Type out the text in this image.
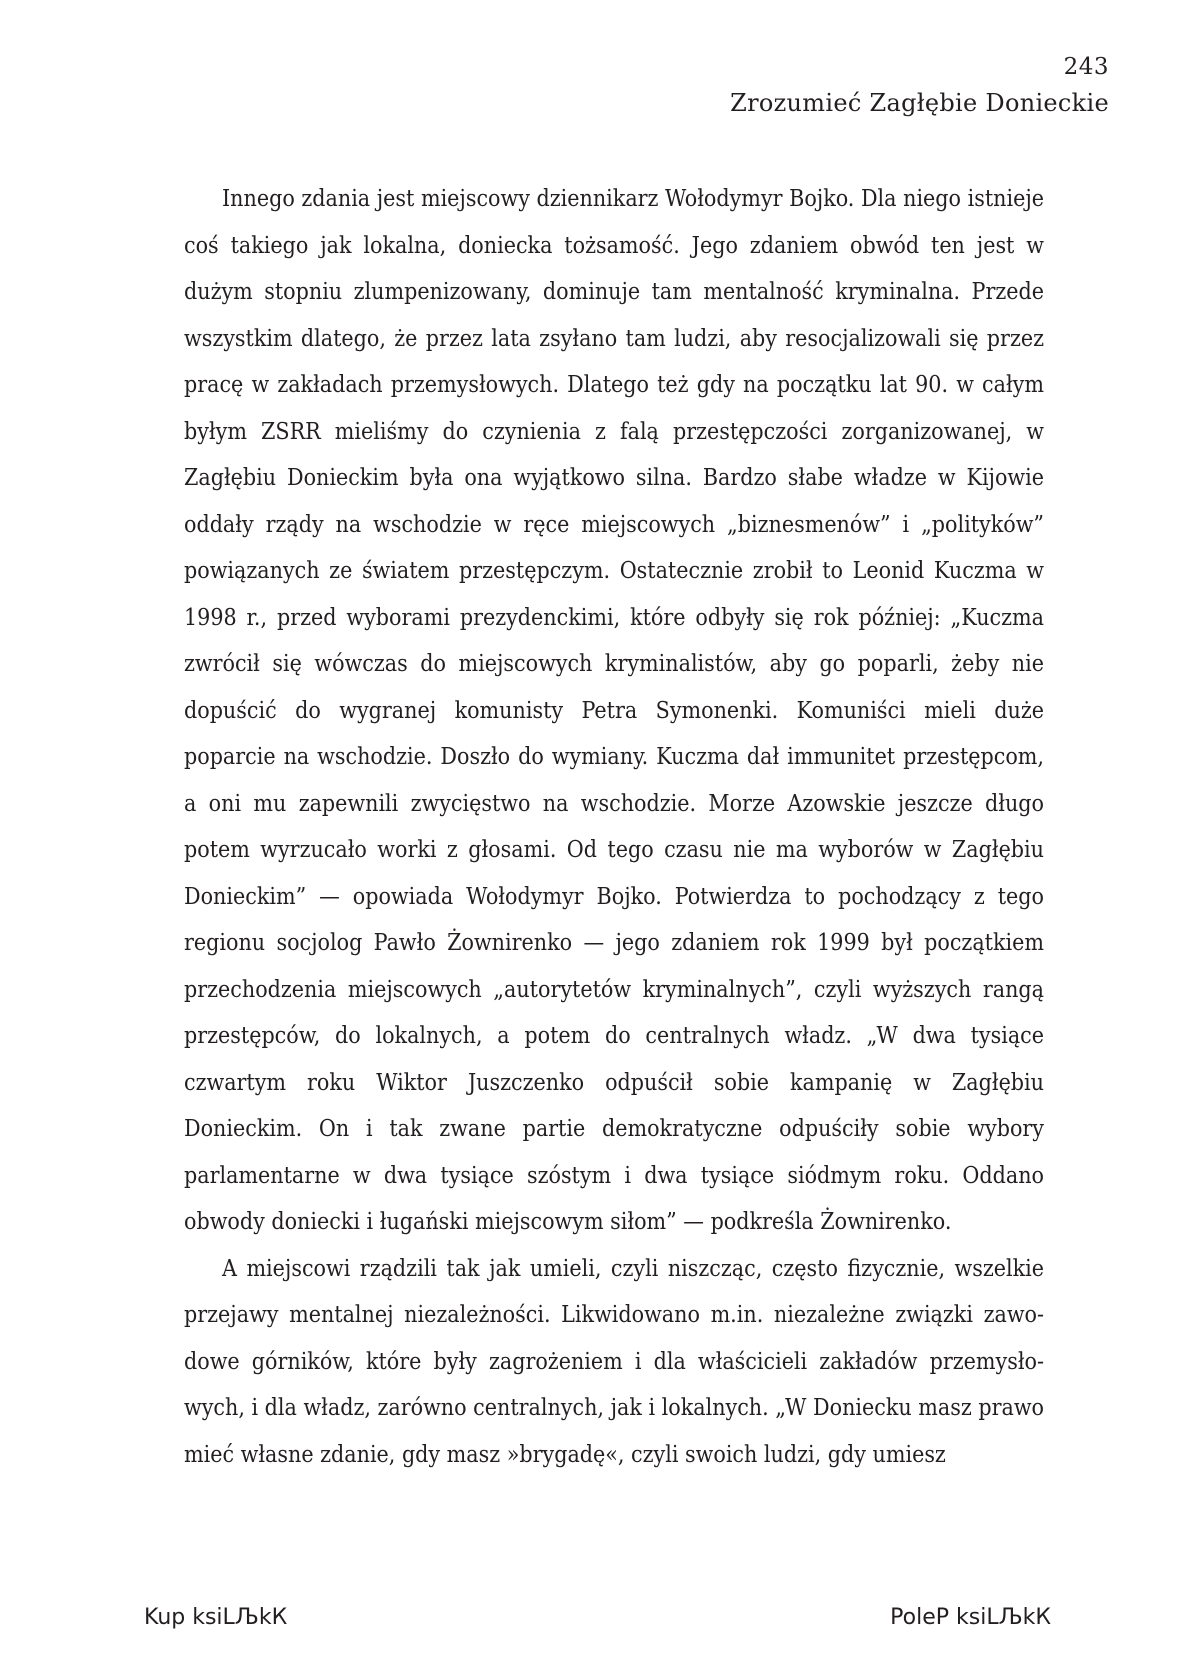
243
Zrozumieć Zagłębie Donieckie

Innego zdania jest miejscowy dziennikarz Wołodymyr Bojko. Dla niego istnieje coś takiego jak lokalna, doniecka tożsamość. Jego zdaniem obwód ten jest w dużym stopniu zlumpenizowany, dominuje tam mentalność kryminalna. Przede wszystkim dlatego, że przez lata zsyłano tam ludzi, aby resocjalizowali się przez pracę w zakładach przemysłowych. Dlatego też gdy na początku lat 90. w całym byłym ZSRR mieliśmy do czynienia z falą przestępczości zorganizowanej, w Zagłębiu Donieckim była ona wyjątkowo silna. Bardzo słabe władze w Kijowie oddały rządy na wschodzie w ręce miejscowych „biznesmenów” i „polityków” powiązanych ze światem przestępczym. Ostatecznie zrobił to Leonid Kuczma w 1998 r., przed wyborami prezydenckimi, które odbyły się rok później: „Kuczma zwrócił się wówczas do miejscowych kryminalistów, aby go poparli, żeby nie dopuścić do wygranej komunisty Petra Symonenki. Komuniści mieli duże poparcie na wschodzie. Doszło do wymiany. Kuczma dał immunitet przestępcom, a oni mu zapewnili zwycięstwo na wschodzie. Morze Azowskie jeszcze długo potem wyrzucało worki z głosami. Od tego czasu nie ma wyborów w Zagłębiu Donieckim” — opowiada Wołodymyr Bojko. Potwierdza to pochodzący z tego regionu socjolog Pawło Żownirenko — jego zdaniem rok 1999 był początkiem przechodzenia miejscowych „autorytetów kryminalnych”, czyli wyższych rangą przestępców, do lokalnych, a potem do centralnych władz. „W dwa tysiące czwartym roku Wiktor Juszczenko odpuścił sobie kampanię w Zagłębiu Donieckim. On i tak zwane partie demokratyczne odpuściły sobie wybory parlamentarne w dwa tysiące szóstym i dwa tysiące siódmym roku. Oddano obwody doniecki i ługański miejscowym siłom” — podkreśla Żownirenko.

A miejscowi rządzili tak jak umieli, czyli niszcząc, często fizycznie, wszelkie przejawy mentalnej niezależności. Likwidowano m.in. niezależne związki zawodowe górników, które były zagrożeniem i dla właścicieli zakładów przemysłowych, i dla władz, zarówno centralnych, jak i lokalnych. „W Doniecku masz prawo mieć własne zdanie, gdy masz »brygadę«, czyli swoich ludzi, gdy umiesz

Kup ksiLЉkК	PoleP ksiLЉkК
